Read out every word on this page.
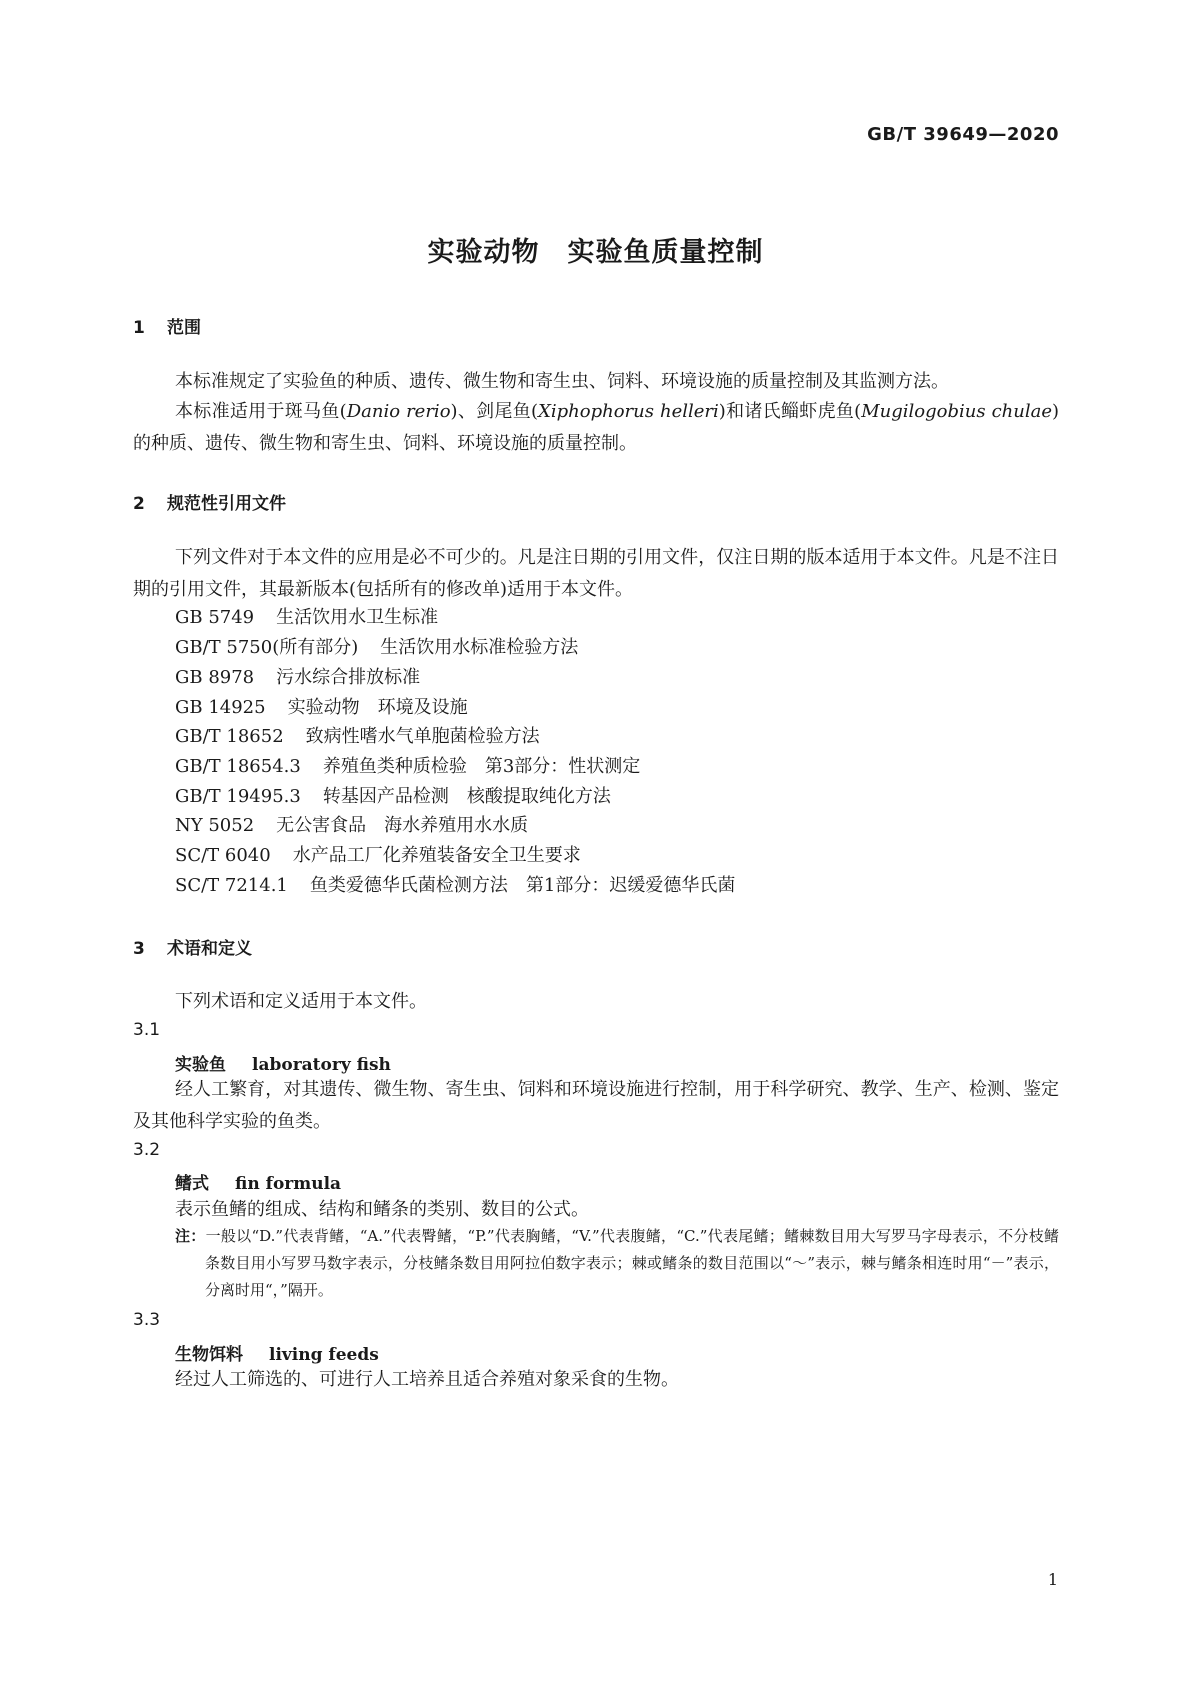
GB/T 39649—2020
实验动物　实验鱼质量控制
1 范围
本标准规定了实验鱼的种质、遗传、微生物和寄生虫、饲料、环境设施的质量控制及其监测方法。
本标准适用于斑马鱼(Danio rerio)、剑尾鱼(Xiphophorus helleri)和诸氏鲻虾虎鱼(Mugilogobius chulae)的种质、遗传、微生物和寄生虫、饲料、环境设施的质量控制。
2 规范性引用文件
下列文件对于本文件的应用是必不可少的。凡是注日期的引用文件，仅注日期的版本适用于本文件。凡是不注日期的引用文件，其最新版本(包括所有的修改单)适用于本文件。
GB 5749 生活饮用水卫生标准
GB/T 5750(所有部分) 生活饮用水标准检验方法
GB 8978 污水综合排放标准
GB 14925 实验动物　环境及设施
GB/T 18652 致病性嗜水气单胞菌检验方法
GB/T 18654.3 养殖鱼类种质检验　第3部分：性状测定
GB/T 19495.3 转基因产品检测　核酸提取纯化方法
NY 5052 无公害食品　海水养殖用水水质
SC/T 6040 水产品工厂化养殖装备安全卫生要求
SC/T 7214.1 鱼类爱德华氏菌检测方法　第1部分：迟缓爱德华氏菌
3 术语和定义
下列术语和定义适用于本文件。
3.1
实验鱼 laboratory fish
经人工繁育，对其遗传、微生物、寄生虫、饲料和环境设施进行控制，用于科学研究、教学、生产、检测、鉴定及其他科学实验的鱼类。
3.2
鳍式 fin formula
表示鱼鳍的组成、结构和鳍条的类别、数目的公式。
注：一般以“D.”代表背鳍，“A.”代表臀鳍，“P.”代表胸鳍，“V.”代表腹鳍，“C.”代表尾鳍；鳍棘数目用大写罗马字母表示，不分枝鳍条数目用小写罗马数字表示，分枝鳍条数目用阿拉伯数字表示；棘或鳍条的数目范围以“～”表示，棘与鳍条相连时用“－”表示，分离时用“，”隔开。
3.3
生物饵料 living feeds
经过人工筛选的、可进行人工培养且适合养殖对象采食的生物。
1
